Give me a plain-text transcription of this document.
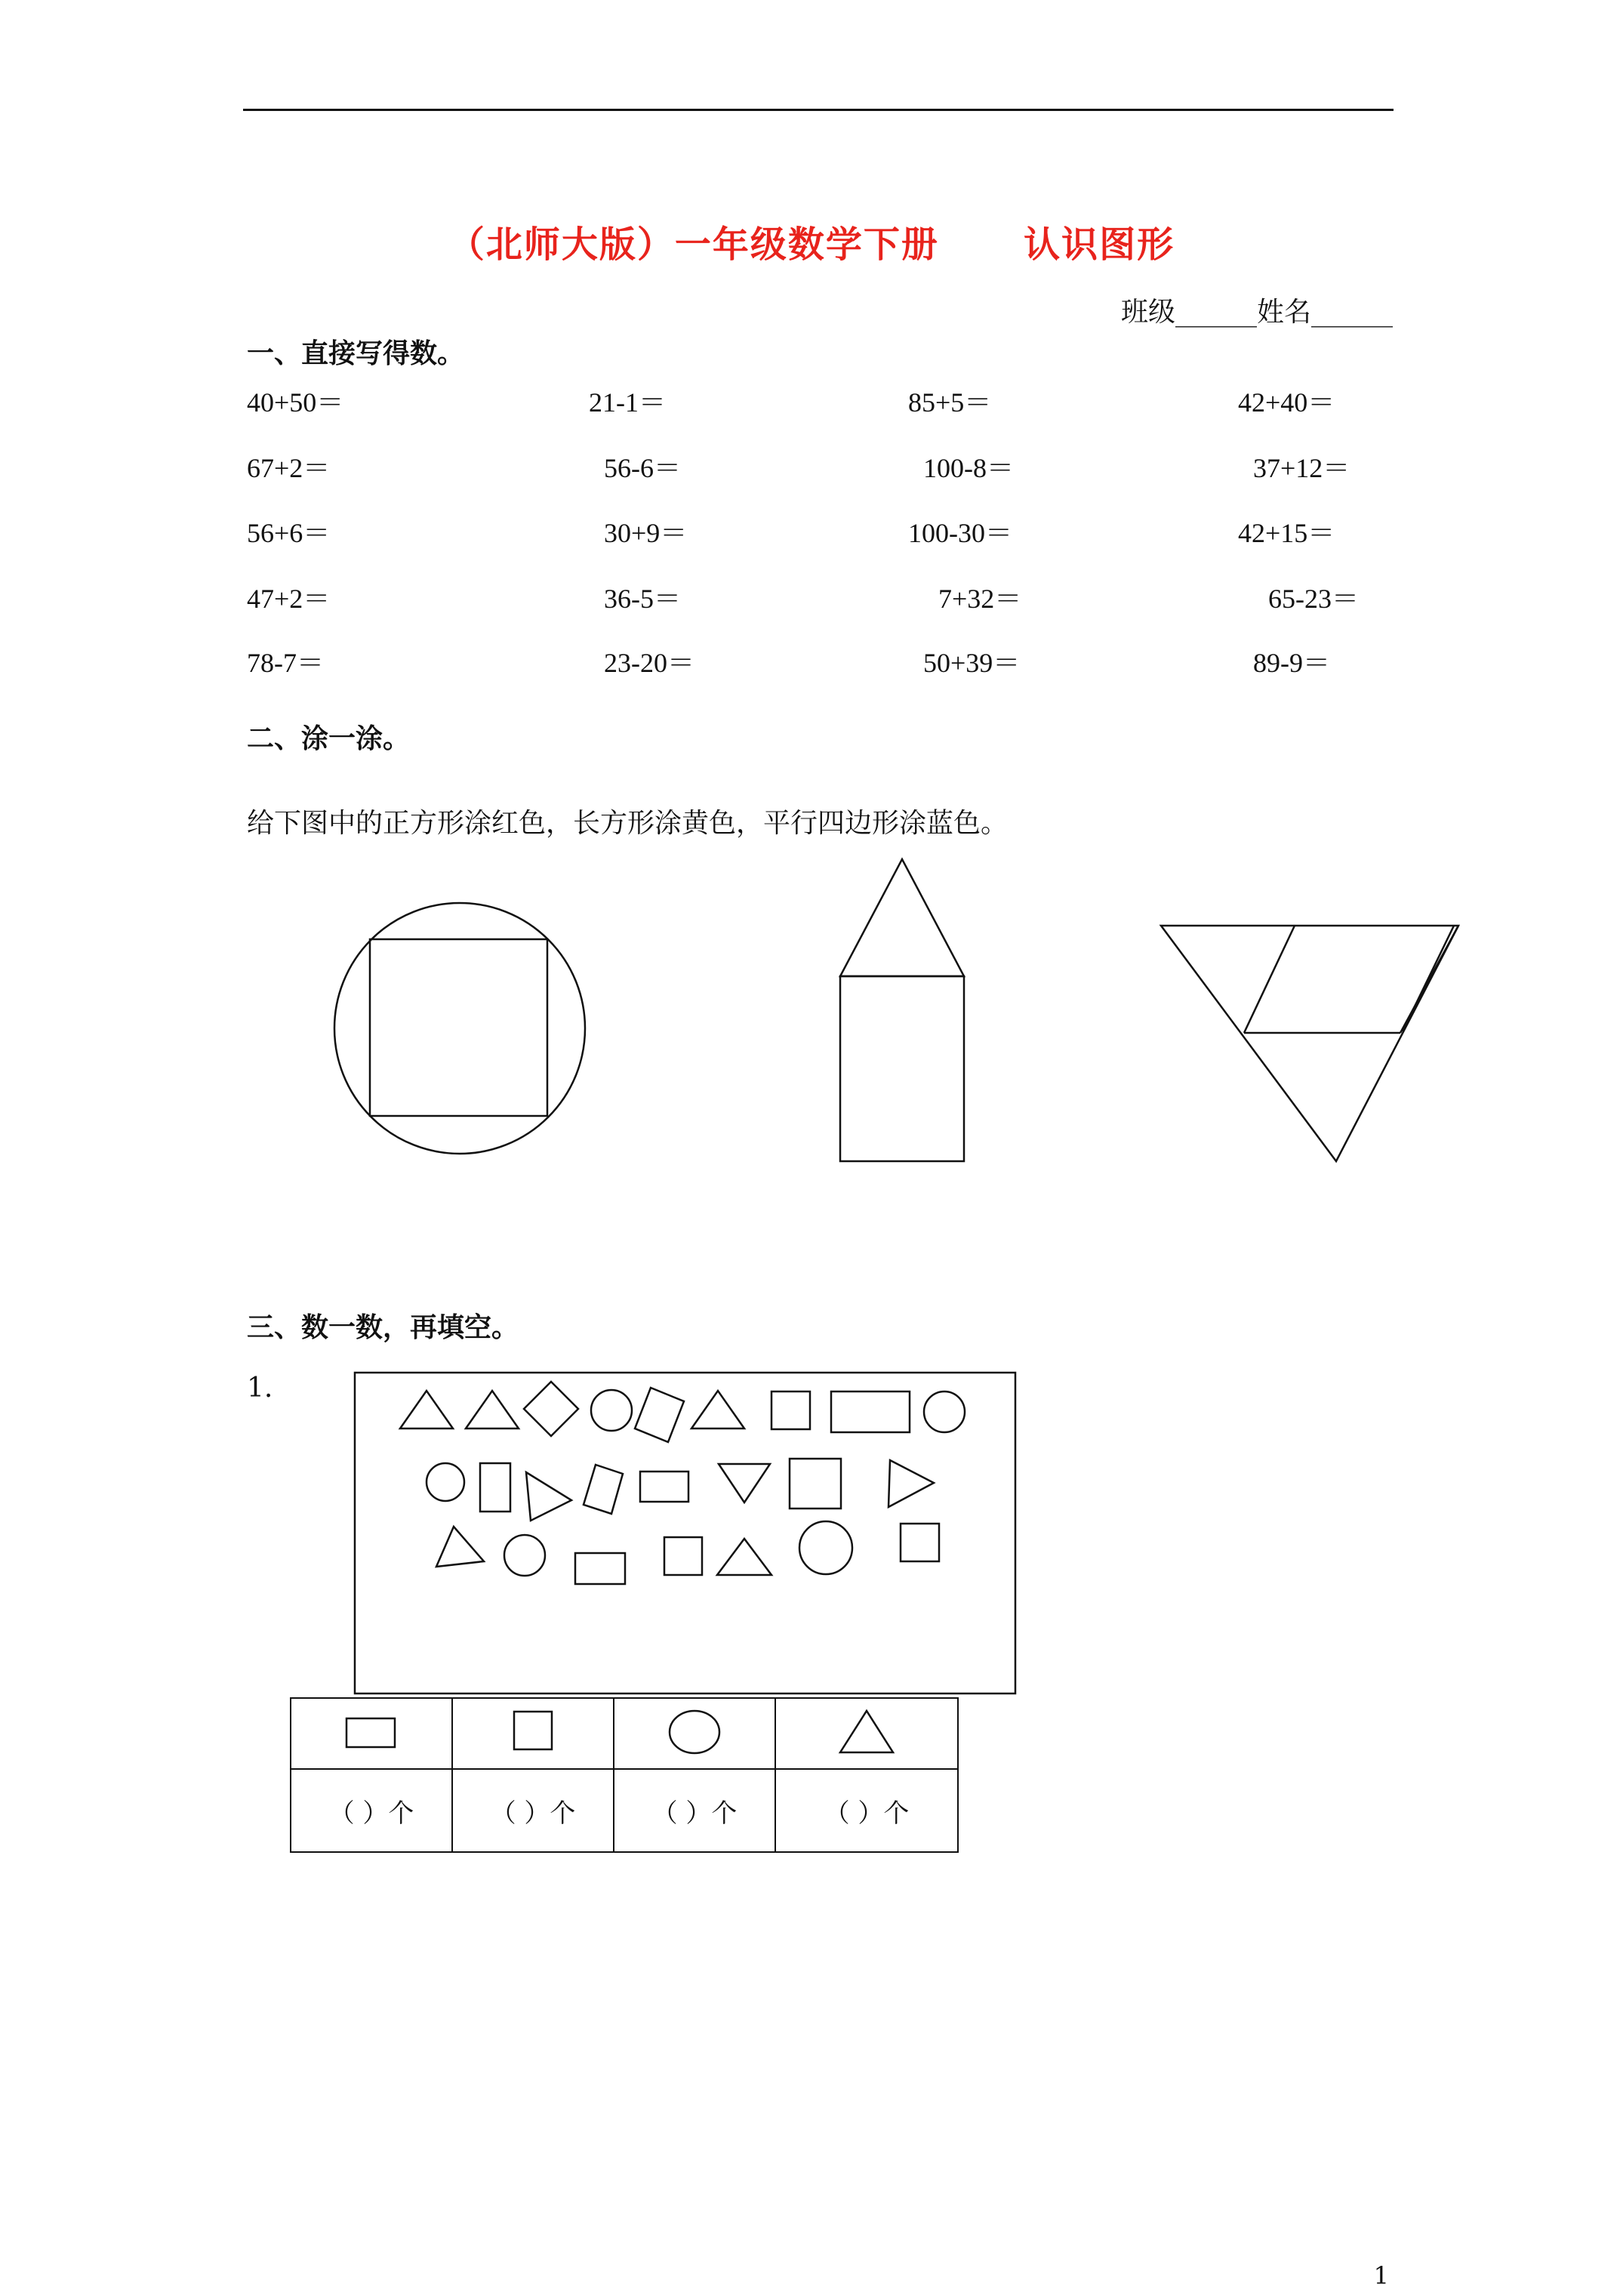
（北师大版）一年级数学下册      认识图形
班级______姓名______
一、直接写得数。
40+50＝	21-1＝	85+5＝	42+40＝
67+2＝	56-6＝	100-8＝	37+12＝
56+6＝	30+9＝	100-30＝	42+15＝
47+2＝	36-5＝	7+32＝	65-23＝
78-7＝	23-20＝	50+39＝	89-9＝
二、涂一涂。
给下图中的正方形涂红色，长方形涂黄色，平行四边形涂蓝色。
三、数一数，再填空。
1.

（ ）个	（ ）个	（ ）个	（ ）个
1
